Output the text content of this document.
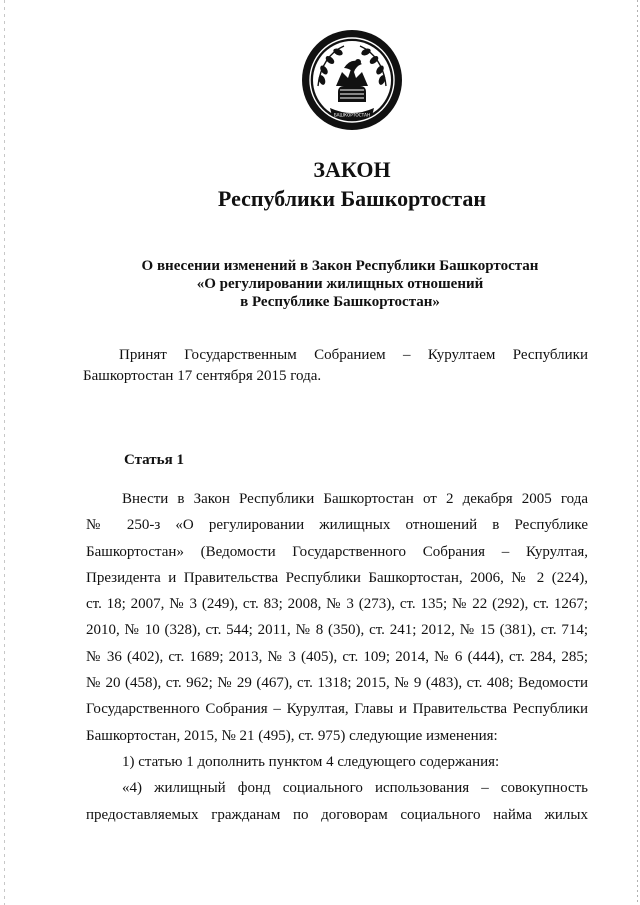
БАШКОРТОСТАН
ЗАКОН
Республики Башкортостан
О внесении изменений в Закон Республики Башкортостан
«О регулировании жилищных отношений
в Республике Башкортостан»
Принят Государственным Собранием – Курултаем Республики
Башкортостан 17 сентября 2015 года.
Статья 1
Внести в Закон Республики Башкортостан от 2 декабря 2005 года
№ 250-з «О регулировании жилищных отношений в Республике
Башкортостан» (Ведомости Государственного Собрания – Курултая,
Президента и Правительства Республики Башкортостан, 2006, № 2 (224),
ст. 18; 2007, № 3 (249), ст. 83; 2008, № 3 (273), ст. 135; № 22 (292), ст. 1267;
2010, № 10 (328), ст. 544; 2011, № 8 (350), ст. 241; 2012, № 15 (381), ст. 714;
№ 36 (402), ст. 1689; 2013, № 3 (405), ст. 109; 2014, № 6 (444), ст. 284, 285;
№ 20 (458), ст. 962; № 29 (467), ст. 1318; 2015, № 9 (483), ст. 408; Ведомости
Государственного Собрания – Курултая, Главы и Правительства Республики
Башкортостан, 2015, № 21 (495), ст. 975) следующие изменения:
1) статью 1 дополнить пунктом 4 следующего содержания:
«4) жилищный фонд социального использования – совокупность
предоставляемых гражданам по договорам социального найма жилых
